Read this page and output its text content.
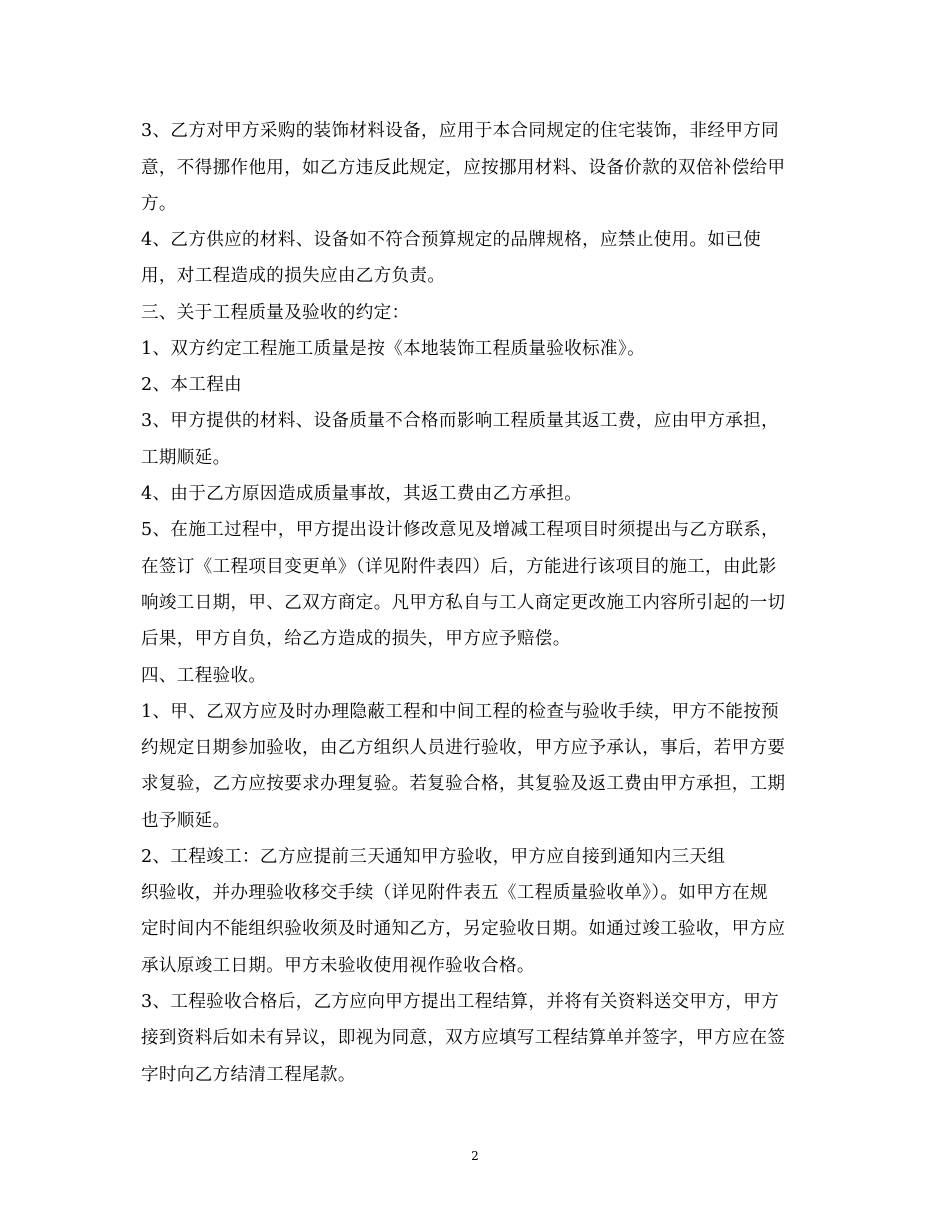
3、乙方对甲方采购的装饰材料设备，应用于本合同规定的住宅装饰，非经甲方同
意，不得挪作他用，如乙方违反此规定，应按挪用材料、设备价款的双倍补偿给甲
方。
4、乙方供应的材料、设备如不符合预算规定的品牌规格，应禁止使用。如已使
用，对工程造成的损失应由乙方负责。
三、关于工程质量及验收的约定：
1、双方约定工程施工质量是按《本地装饰工程质量验收标准》。
2、本工程由
3、甲方提供的材料、设备质量不合格而影响工程质量其返工费，应由甲方承担，
工期顺延。
4、由于乙方原因造成质量事故，其返工费由乙方承担。
5、在施工过程中，甲方提出设计修改意见及增减工程项目时须提出与乙方联系，
在签订《工程项目变更单》（详见附件表四）后，方能进行该项目的施工，由此影
响竣工日期，甲、乙双方商定。凡甲方私自与工人商定更改施工内容所引起的一切
后果，甲方自负，给乙方造成的损失，甲方应予赔偿。
四、工程验收。
1、甲、乙双方应及时办理隐蔽工程和中间工程的检查与验收手续，甲方不能按预
约规定日期参加验收，由乙方组织人员进行验收，甲方应予承认，事后，若甲方要
求复验，乙方应按要求办理复验。若复验合格，其复验及返工费由甲方承担，工期
也予顺延。
2、工程竣工：乙方应提前三天通知甲方验收，甲方应自接到通知内三天组
织验收，并办理验收移交手续（详见附件表五《工程质量验收单》）。如甲方在规
定时间内不能组织验收须及时通知乙方，另定验收日期。如通过竣工验收，甲方应
承认原竣工日期。甲方未验收使用视作验收合格。
3、工程验收合格后，乙方应向甲方提出工程结算，并将有关资料送交甲方，甲方
接到资料后如未有异议，即视为同意，双方应填写工程结算单并签字，甲方应在签
字时向乙方结清工程尾款。
2
